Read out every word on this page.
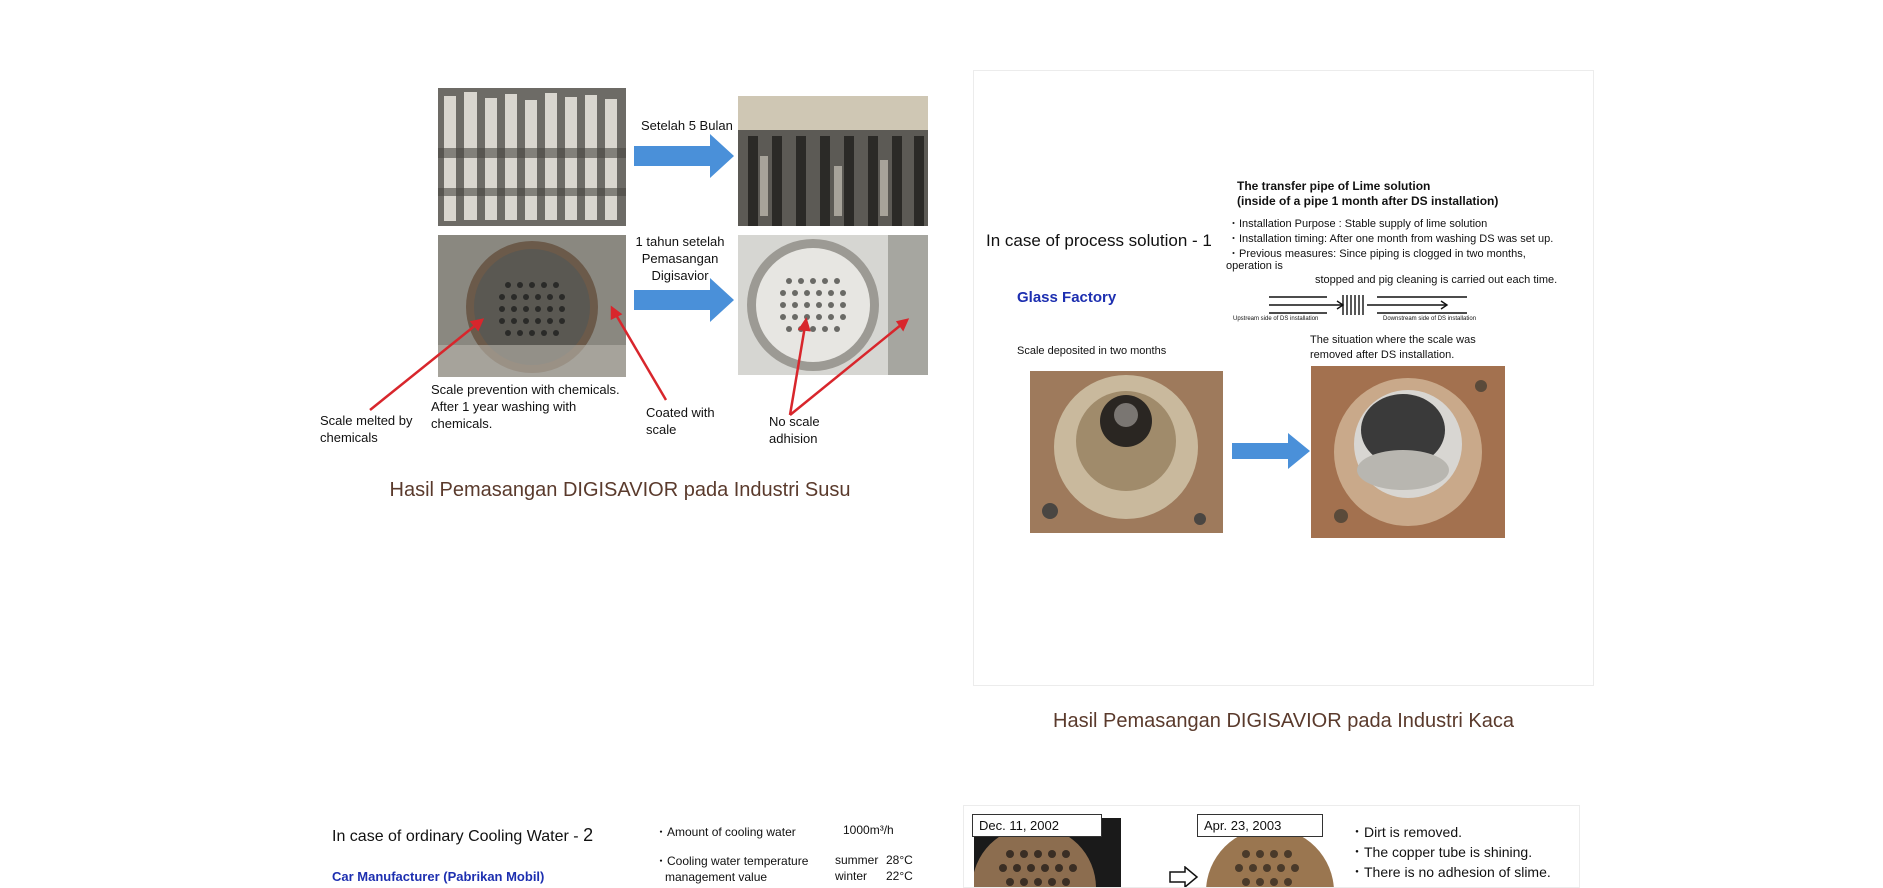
Setelah 5 Bulan
1 tahun setelah
Pemasangan
Digisavior
Scale melted by
chemicals
Scale prevention with chemicals.
After 1 year washing with
chemicals.
Coated with
scale
No scale
adhision
Hasil Pemasangan DIGISAVIOR pada Industri Susu
In case of process solution - 1
Glass Factory
The transfer pipe of Lime solution
(inside of a pipe 1 month after DS installation)
・Installation Purpose : Stable supply of lime solution
・Installation timing: After one month from washing DS was set up.
・Previous measures: Since piping is clogged in two months,
operation is
stopped and pig cleaning is carried out each time.
Upstream side of DS installation	Downstream side of DS installation
Scale deposited in two months
The situation where the scale was
removed after DS installation.
Hasil Pemasangan DIGISAVIOR pada Industri Kaca
In case of ordinary Cooling Water - 2
Car Manufacturer (Pabrikan Mobil)
・Amount of cooling water	1000m³/h
・Cooling water temperature
management value
summer 28°C
winter 22°C
Dec. 11, 2002	Apr. 23, 2003	・Dirt is removed.
・The copper tube is shining.
・There is no adhesion of slime.
